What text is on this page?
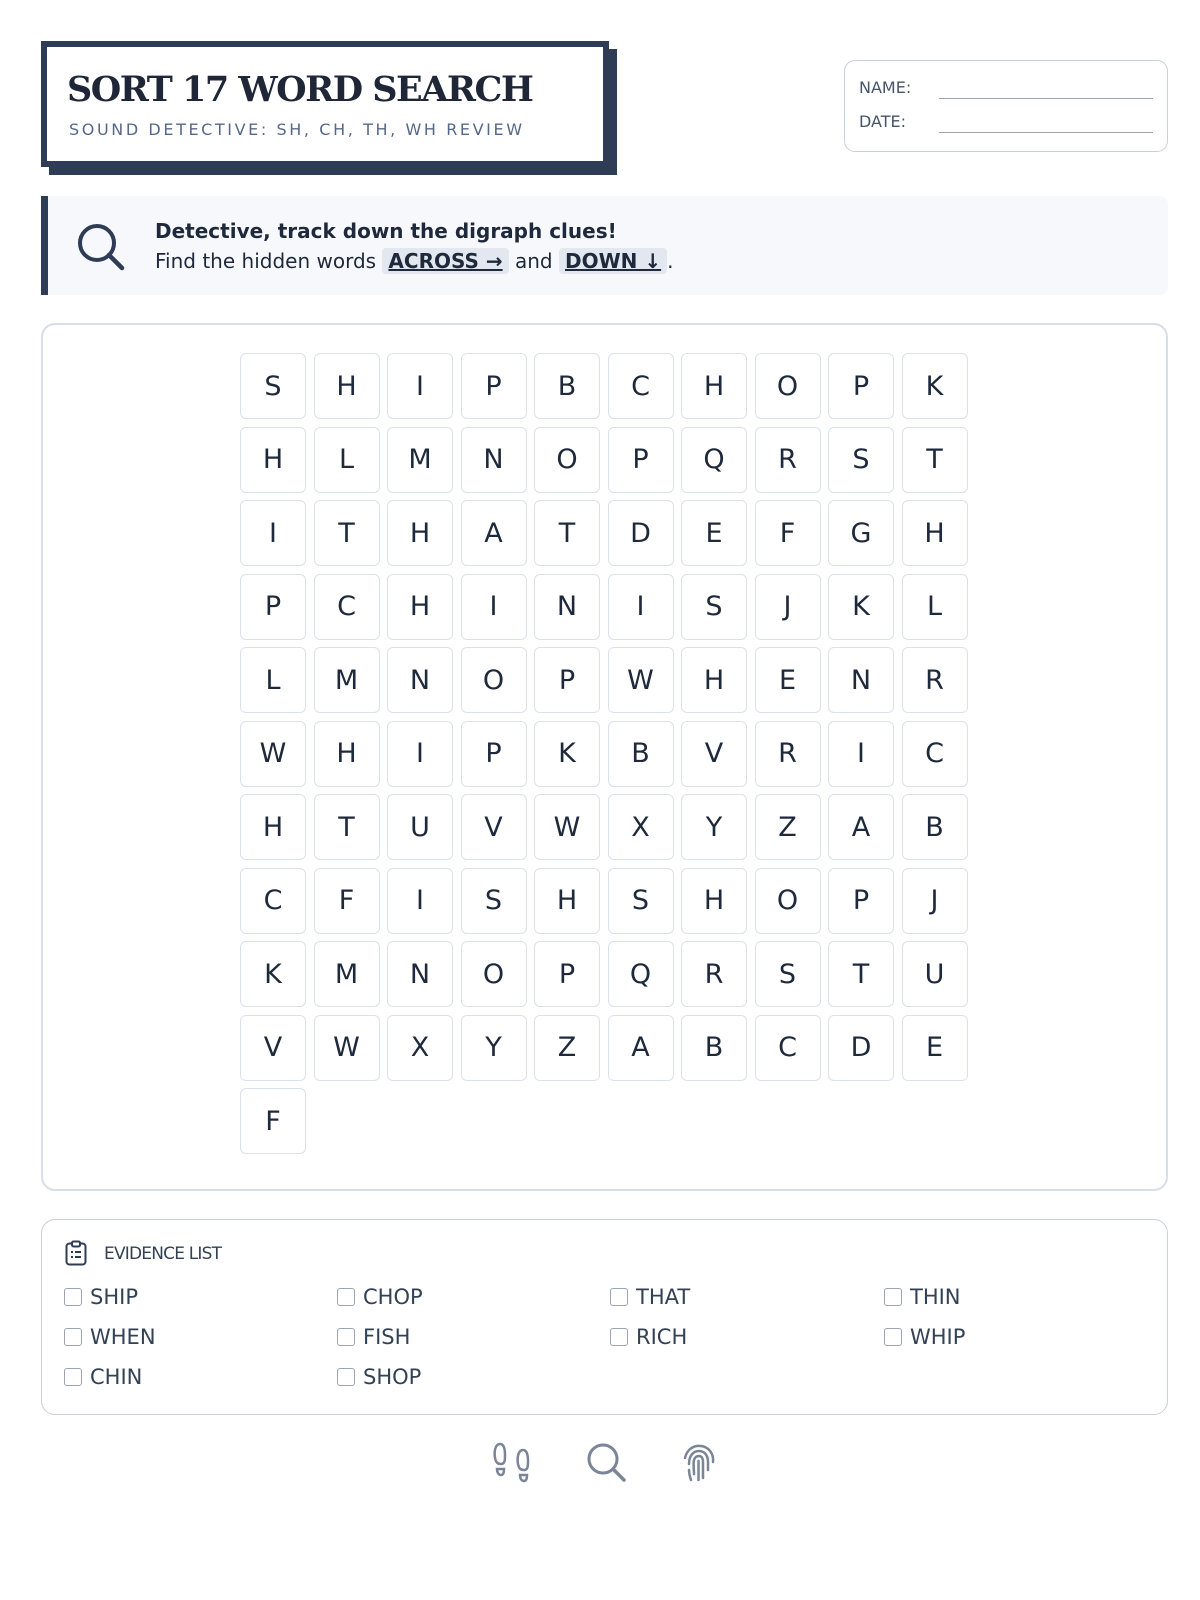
SORT 17 WORD SEARCH
SOUND DETECTIVE: SH, CH, TH, WH REVIEW
NAME:
DATE:
Detective, track down the digraph clues!
Find the hidden words ACROSS → and DOWN ↓ .
S	H	I	P	B	C	H	O	P	K
H	L	M	N	O	P	Q	R	S	T
I	T	H	A	T	D	E	F	G	H
P	C	H	I	N	I	S	J	K	L
L	M	N	O	P	W	H	E	N	R
W	H	I	P	K	B	V	R	I	C
H	T	U	V	W	X	Y	Z	A	B
C	F	I	S	H	S	H	O	P	J
K	M	N	O	P	Q	R	S	T	U
V	W	X	Y	Z	A	B	C	D	E
F
EVIDENCE LIST
SHIP	CHOP	THAT	THIN
WHEN	FISH	RICH	WHIP
CHIN	SHOP
